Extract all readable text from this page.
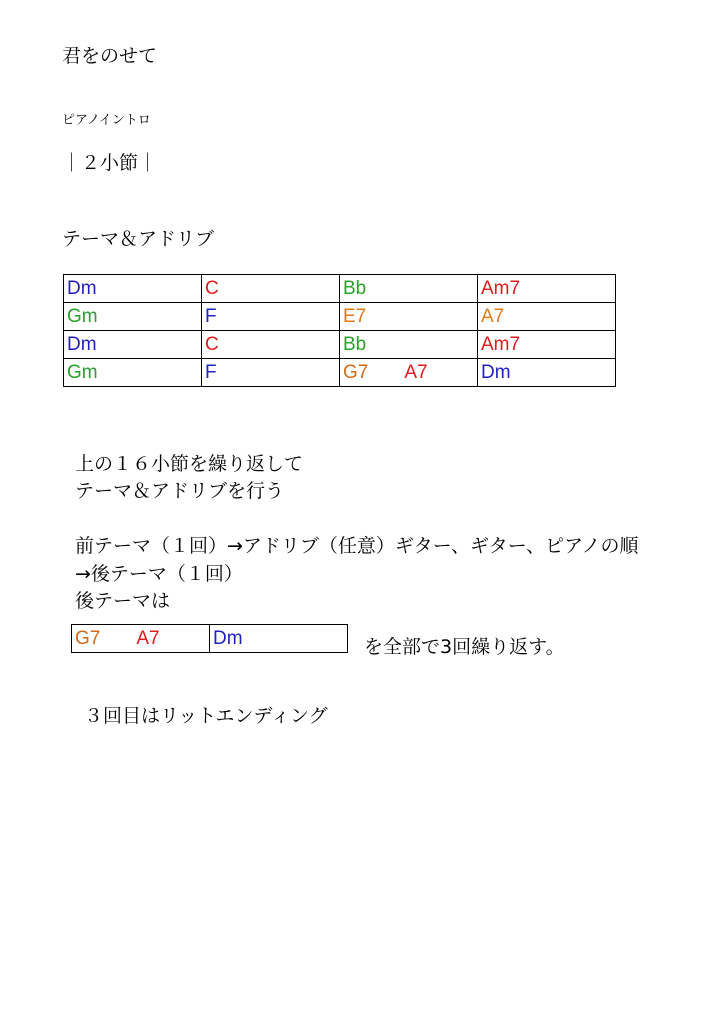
君をのせて
ピアノイントロ
｜２小節｜
テーマ＆アドリブ
Dm	C	Bb	Am7
Gm	F	E7	A7
Dm	C	Bb	Am7
Gm	F	G7 A7	Dm
上の１６小節を繰り返して
テーマ＆アドリブを行う
前テーマ（１回）→アドリブ（任意）ギター、ギター、ピアノの順
→後テーマ（１回）
後テーマは
G7 A7	Dm	を全部で3回繰り返す。
３回目はリットエンディング
